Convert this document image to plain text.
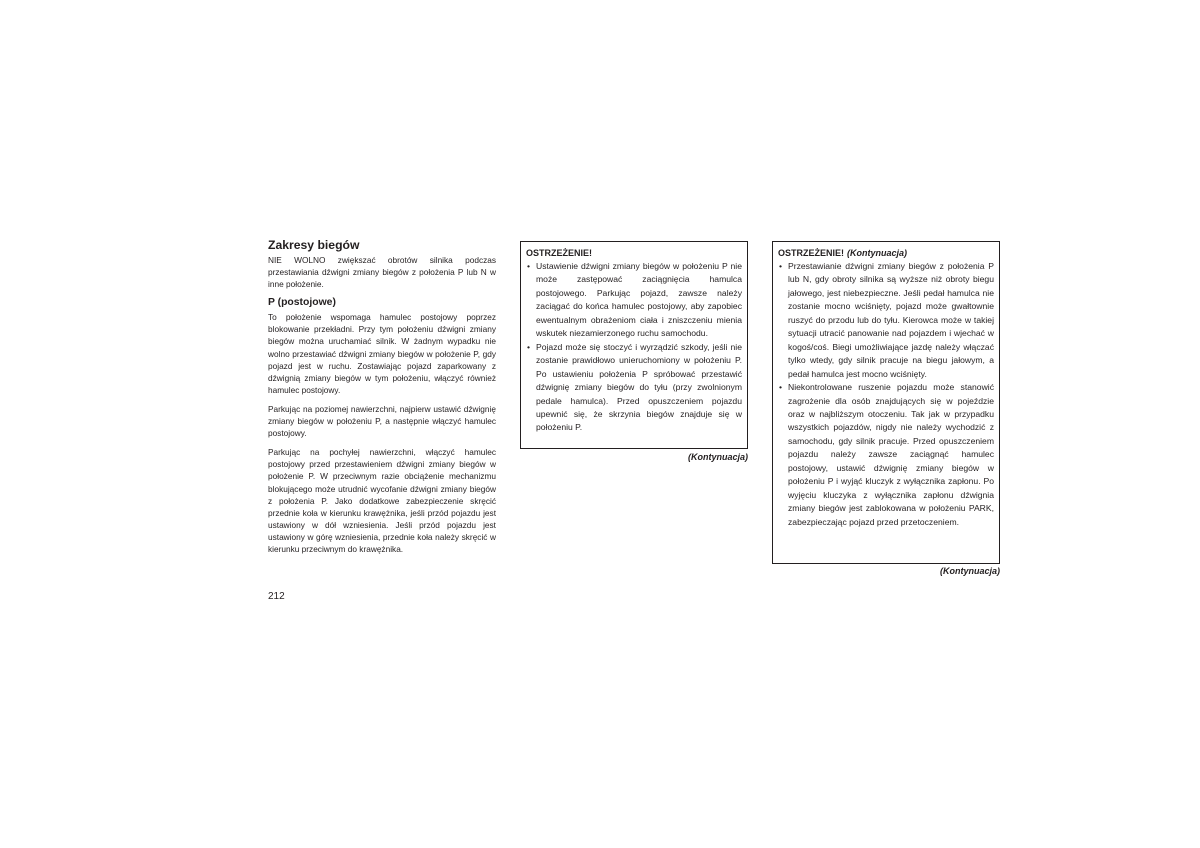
Zakresy biegów

NIE WOLNO zwiększać obrotów silnika podczas przestawiania dźwigni zmiany biegów z położenia P lub N w inne położenie.

P (postojowe)

To położenie wspomaga hamulec postojowy poprzez blokowanie przekładni. Przy tym położeniu dźwigni zmiany biegów można uruchamiać silnik. W żadnym wypadku nie wolno przestawiać dźwigni zmiany biegów w położenie P, gdy pojazd jest w ruchu. Zostawiając pojazd zaparkowany z dźwignią zmiany biegów w tym położeniu, włączyć również hamulec postojowy.

Parkując na poziomej nawierzchni, najpierw ustawić dźwignię zmiany biegów w położeniu P, a następnie włączyć hamulec postojowy.

Parkując na pochyłej nawierzchni, włączyć hamulec postojowy przed przestawieniem dźwigni zmiany biegów w położenie P. W przeciwnym razie obciążenie mechanizmu blokującego może utrudnić wycofanie dźwigni zmiany biegów z położenia P. Jako dodatkowe zabezpieczenie skręcić przednie koła w kierunku krawężnika, jeśli przód pojazdu jest ustawiony w dół wzniesienia. Jeśli przód pojazdu jest ustawiony w górę wzniesienia, przednie koła należy skręcić w kierunku przeciwnym do krawężnika.

212
OSTRZEŻENIE!
• Ustawienie dźwigni zmiany biegów w położeniu P nie może zastępować zaciągnięcia hamulca postojowego. Parkując pojazd, zawsze należy zaciągać do końca hamulec postojowy, aby zapobiec ewentualnym obrażeniom ciała i zniszczeniu mienia wskutek niezamierzonego ruchu samochodu.
• Pojazd może się stoczyć i wyrządzić szkody, jeśli nie zostanie prawidłowo unieruchomiony w położeniu P. Po ustawieniu położenia P spróbować przestawić dźwignię zmiany biegów do tyłu (przy zwolnionym pedale hamulca). Przed opuszczeniem pojazdu upewnić się, że skrzynia biegów znajduje się w położeniu P.
(Kontynuacja)
OSTRZEŻENIE! (Kontynuacja)
• Przestawianie dźwigni zmiany biegów z położenia P lub N, gdy obroty silnika są wyższe niż obroty biegu jałowego, jest niebezpieczne. Jeśli pedał hamulca nie zostanie mocno wciśnięty, pojazd może gwałtownie ruszyć do przodu lub do tyłu. Kierowca może w takiej sytuacji utracić panowanie nad pojazdem i wjechać w kogoś/coś. Biegi umożliwiające jazdę należy włączać tylko wtedy, gdy silnik pracuje na biegu jałowym, a pedał hamulca jest mocno wciśnięty.
• Niekontrolowane ruszenie pojazdu może stanowić zagrożenie dla osób znajdujących się w pojeździe oraz w najbliższym otoczeniu. Tak jak w przypadku wszystkich pojazdów, nigdy nie należy wychodzić z samochodu, gdy silnik pracuje. Przed opuszczeniem pojazdu należy zawsze zaciągnąć hamulec postojowy, ustawić dźwignię zmiany biegów w położeniu P i wyjąć kluczyk z wyłącznika zapłonu. Po wyjęciu kluczyka z wyłącznika zapłonu dźwignia zmiany biegów jest zablokowana w położeniu PARK, zabezpieczając pojazd przed przetoczeniem.
(Kontynuacja)
